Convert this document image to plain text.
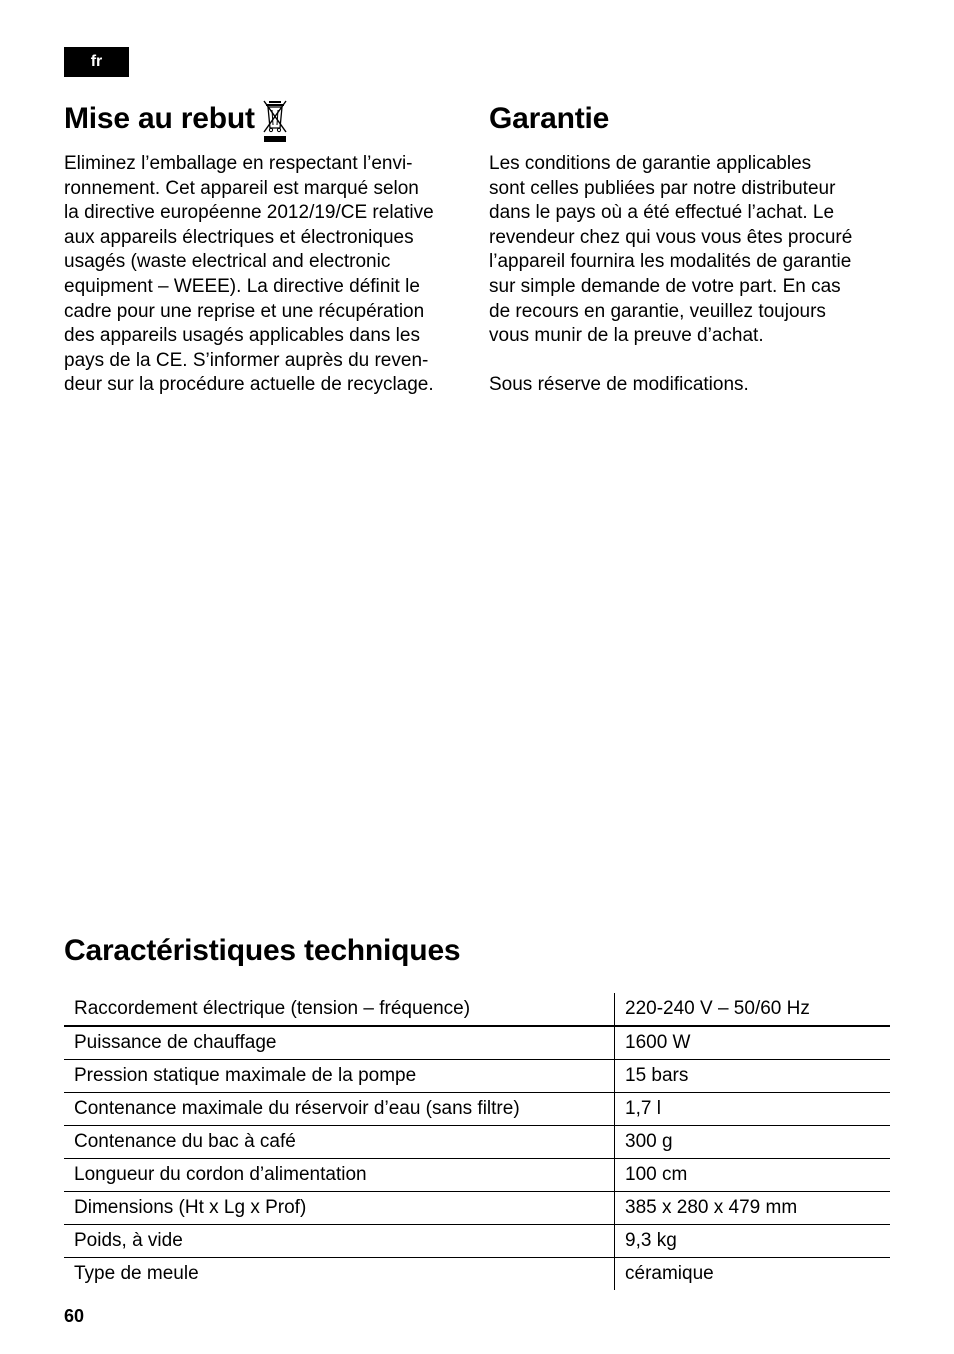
fr
Mise au rebut

Eliminez l’emballage en respectant l’envi-

ronnement. Cet appareil est marqué selon

la directive européenne 2012/19/CE relative

aux appareils électriques et électroniques

usagés (waste electrical and electronic

equipment – WEEE). La directive définit le

cadre pour une reprise et une récupération

des appareils usagés applicables dans les

pays de la CE. S’informer auprès du reven-

deur sur la procédure actuelle de recyclage.

Garantie

Les conditions de garantie applicables

sont celles publiées par notre distributeur

dans le pays où a été effectué l’achat. Le

revendeur chez qui vous vous êtes procuré

l’appareil fournira les modalités de garantie

sur simple demande de votre part. En cas

de recours en garantie, veuillez toujours

vous munir de la preuve d’achat.

Sous réserve de modifications.

Caractéristiques techniques
Raccordement électrique (tension – fréquence)	220-240 V – 50/60 Hz
Puissance de chauffage	1600 W
Pression statique maximale de la pompe	15 bars
Contenance maximale du réservoir d’eau (sans filtre)	1,7 l
Contenance du bac à café	300 g
Longueur du cordon d’alimentation	100 cm
Dimensions (Ht x Lg x Prof)	385 x 280 x 479 mm
Poids, à vide	9,3 kg
Type de meule	céramique
60
